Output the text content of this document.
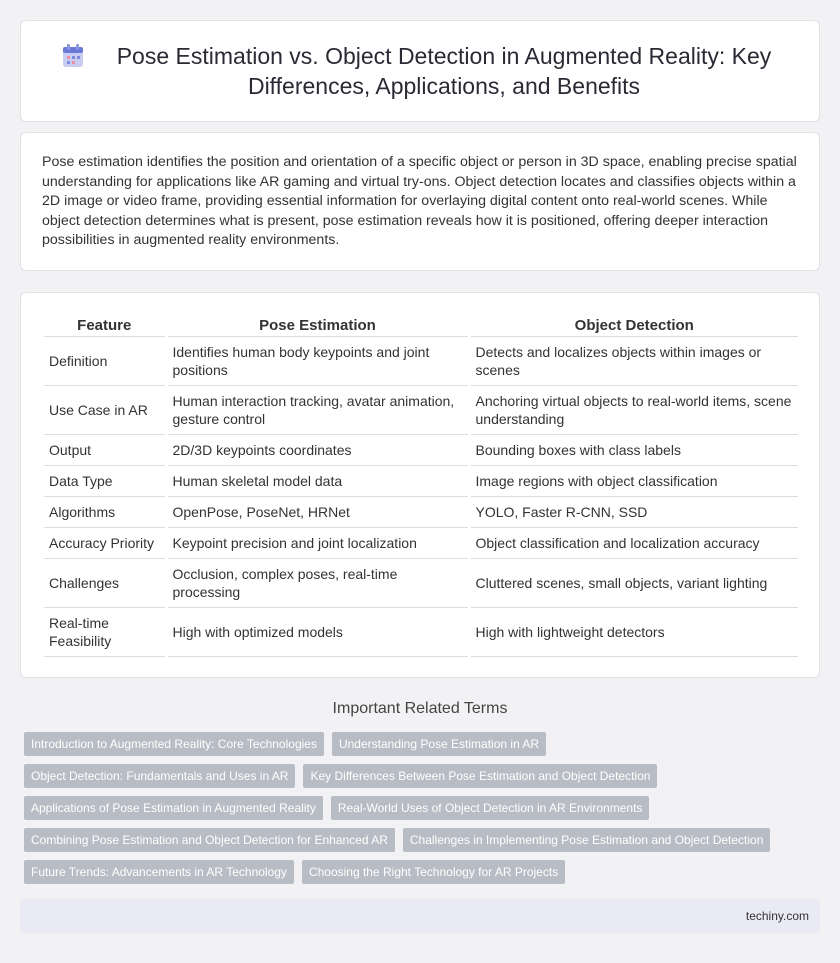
Pose Estimation vs. Object Detection in Augmented Reality: Key Differences, Applications, and Benefits

Pose estimation identifies the position and orientation of a specific object or person in 3D space, enabling precise spatial understanding for applications like AR gaming and virtual try-ons. Object detection locates and classifies objects within a 2D image or video frame, providing essential information for overlaying digital content onto real-world scenes. While object detection determines what is present, pose estimation reveals how it is positioned, offering deeper interaction possibilities in augmented reality environments.

Feature	Pose Estimation	Object Detection
Definition	Identifies human body keypoints and joint positions	Detects and localizes objects within images or scenes
Use Case in AR	Human interaction tracking, avatar animation, gesture control	Anchoring virtual objects to real-world items, scene understanding
Output	2D/3D keypoints coordinates	Bounding boxes with class labels
Data Type	Human skeletal model data	Image regions with object classification
Algorithms	OpenPose, PoseNet, HRNet	YOLO, Faster R-CNN, SSD
Accuracy Priority	Keypoint precision and joint localization	Object classification and localization accuracy
Challenges	Occlusion, complex poses, real-time processing	Cluttered scenes, small objects, variant lighting
Real-time Feasibility	High with optimized models	High with lightweight detectors
Important Related Terms
Introduction to Augmented Reality: Core Technologies	Understanding Pose Estimation in AR
Object Detection: Fundamentals and Uses in AR	Key Differences Between Pose Estimation and Object Detection
Applications of Pose Estimation in Augmented Reality	Real-World Uses of Object Detection in AR Environments
Combining Pose Estimation and Object Detection for Enhanced AR	Challenges in Implementing Pose Estimation and Object Detection
Future Trends: Advancements in AR Technology	Choosing the Right Technology for AR Projects
techiny.com
